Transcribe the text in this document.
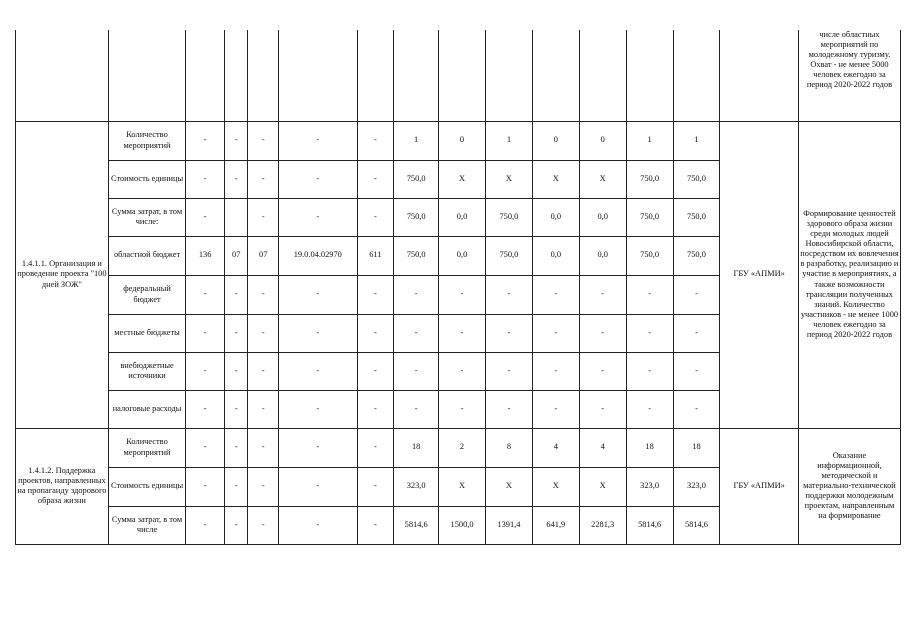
															числе областных мероприятий по молодежному туризму. Охват - не менее 5000 человек ежегодно за период 2020-2022 годов
1.4.1.1. Организация и проведение проекта "100 дней ЗОЖ"	Количество мероприятий	-	-	-	-	-	1	0	1	0	0	1	1	ГБУ «АПМИ»	Формирование ценностей здорового образа жизни среди молодых людей Новосибирской области, посредством их вовлечения в разработку, реализацию и участие в мероприятиях, а также возможности трансляции полученных знаний. Количество участников - не менее 1000 человек ежегодно за период 2020-2022 годов
	Стоимость единицы	-	-	-	-	-	750,0	X	X	X	X	750,0	750,0		
	Сумма затрат, в том числе:	-		-	-	-	750,0	0,0	750,0	0,0	0,0	750,0	750,0		
	областной бюджет	136	07	07	19.0.04.02970	611	750,0	0,0	750,0	0,0	0,0	750,0	750,0		
	федеральный бюджет	-	-	-	-	-	-	-	-	-	-	-	-		
	местные бюджеты	-	-	-	-	-	-	-	-	-	-	-	-		
	внебюджетные источники	-	-	-	-	-	-	-	-	-	-	-	-		
	налоговые расходы	-	-	-	-	-	-	-	-	-	-	-	-		
1.4.1.2. Поддержка проектов, направленных на пропаганду здорового образа жизни	Количество мероприятий	-	-	-	-	-	18	2	8	4	4	18	18	ГБУ «АПМИ»	Оказание информационной, методической и материально-технической поддержки молодежным проектам, направленным на формирование
	Стоимость единицы	-	-	-	-	-	323,0	X	X	X	X	323,0	323,0		
	Сумма затрат, в том числе	-	-	-	-	-	5814,6	1500,0	1391,4	641,9	2281,3	5814,6	5814,6		
